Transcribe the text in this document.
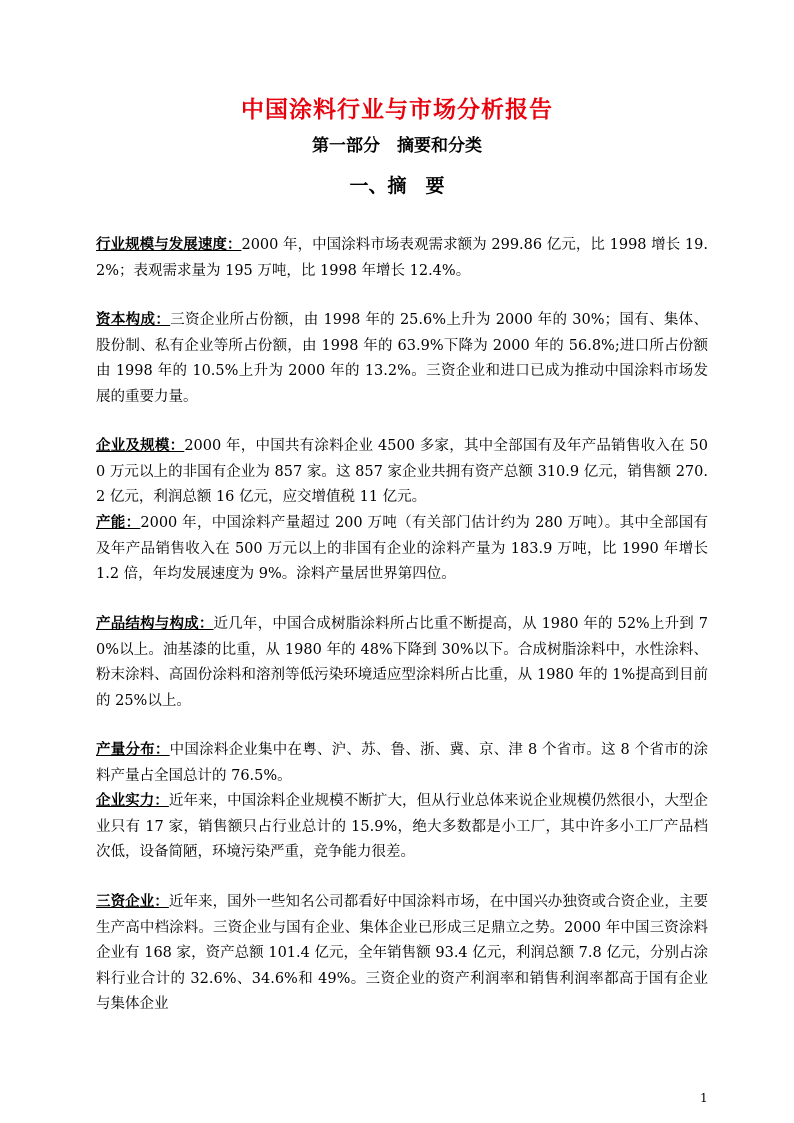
中国涂料行业与市场分析报告
第一部分　摘要和分类
一、摘　要
行业规模与发展速度：2000 年，中国涂料市场表观需求额为 299.86 亿元，比 1998 增长 19.2%；表观需求量为 195 万吨，比 1998 年增长 12.4%。
资本构成：三资企业所占份额，由 1998 年的 25.6%上升为 2000 年的 30%；国有、集体、股份制、私有企业等所占份额，由 1998 年的 63.9%下降为 2000 年的 56.8%;进口所占份额由 1998 年的 10.5%上升为 2000 年的 13.2%。三资企业和进口已成为推动中国涂料市场发展的重要力量。
企业及规模：2000 年，中国共有涂料企业 4500 多家，其中全部国有及年产品销售收入在 500 万元以上的非国有企业为 857 家。这 857 家企业共拥有资产总额 310.9 亿元，销售额 270.2 亿元，利润总额 16 亿元，应交增值税 11 亿元。
产能：2000 年，中国涂料产量超过 200 万吨（有关部门估计约为 280 万吨）。其中全部国有及年产品销售收入在 500 万元以上的非国有企业的涂料产量为 183.9 万吨，比 1990 年增长 1.2 倍，年均发展速度为 9%。涂料产量居世界第四位。
产品结构与构成：近几年，中国合成树脂涂料所占比重不断提高，从 1980 年的 52%上升到 70%以上。油基漆的比重，从 1980 年的 48%下降到 30%以下。合成树脂涂料中，水性涂料、粉末涂料、高固份涂料和溶剂等低污染环境适应型涂料所占比重，从 1980 年的 1%提高到目前的 25%以上。
产量分布：中国涂料企业集中在粤、沪、苏、鲁、浙、冀、京、津 8 个省市。这 8 个省市的涂料产量占全国总计的 76.5%。
企业实力：近年来，中国涂料企业规模不断扩大，但从行业总体来说企业规模仍然很小，大型企业只有 17 家，销售额只占行业总计的 15.9%，绝大多数都是小工厂，其中许多小工厂产品档次低，设备简陋，环境污染严重，竞争能力很差。
三资企业：近年来，国外一些知名公司都看好中国涂料市场，在中国兴办独资或合资企业，主要生产高中档涂料。三资企业与国有企业、集体企业已形成三足鼎立之势。2000 年中国三资涂料企业有 168 家，资产总额 101.4 亿元，全年销售额 93.4 亿元，利润总额 7.8 亿元，分别占涂料行业合计的 32.6%、34.6%和 49%。三资企业的资产利润率和销售利润率都高于国有企业与集体企业
1
